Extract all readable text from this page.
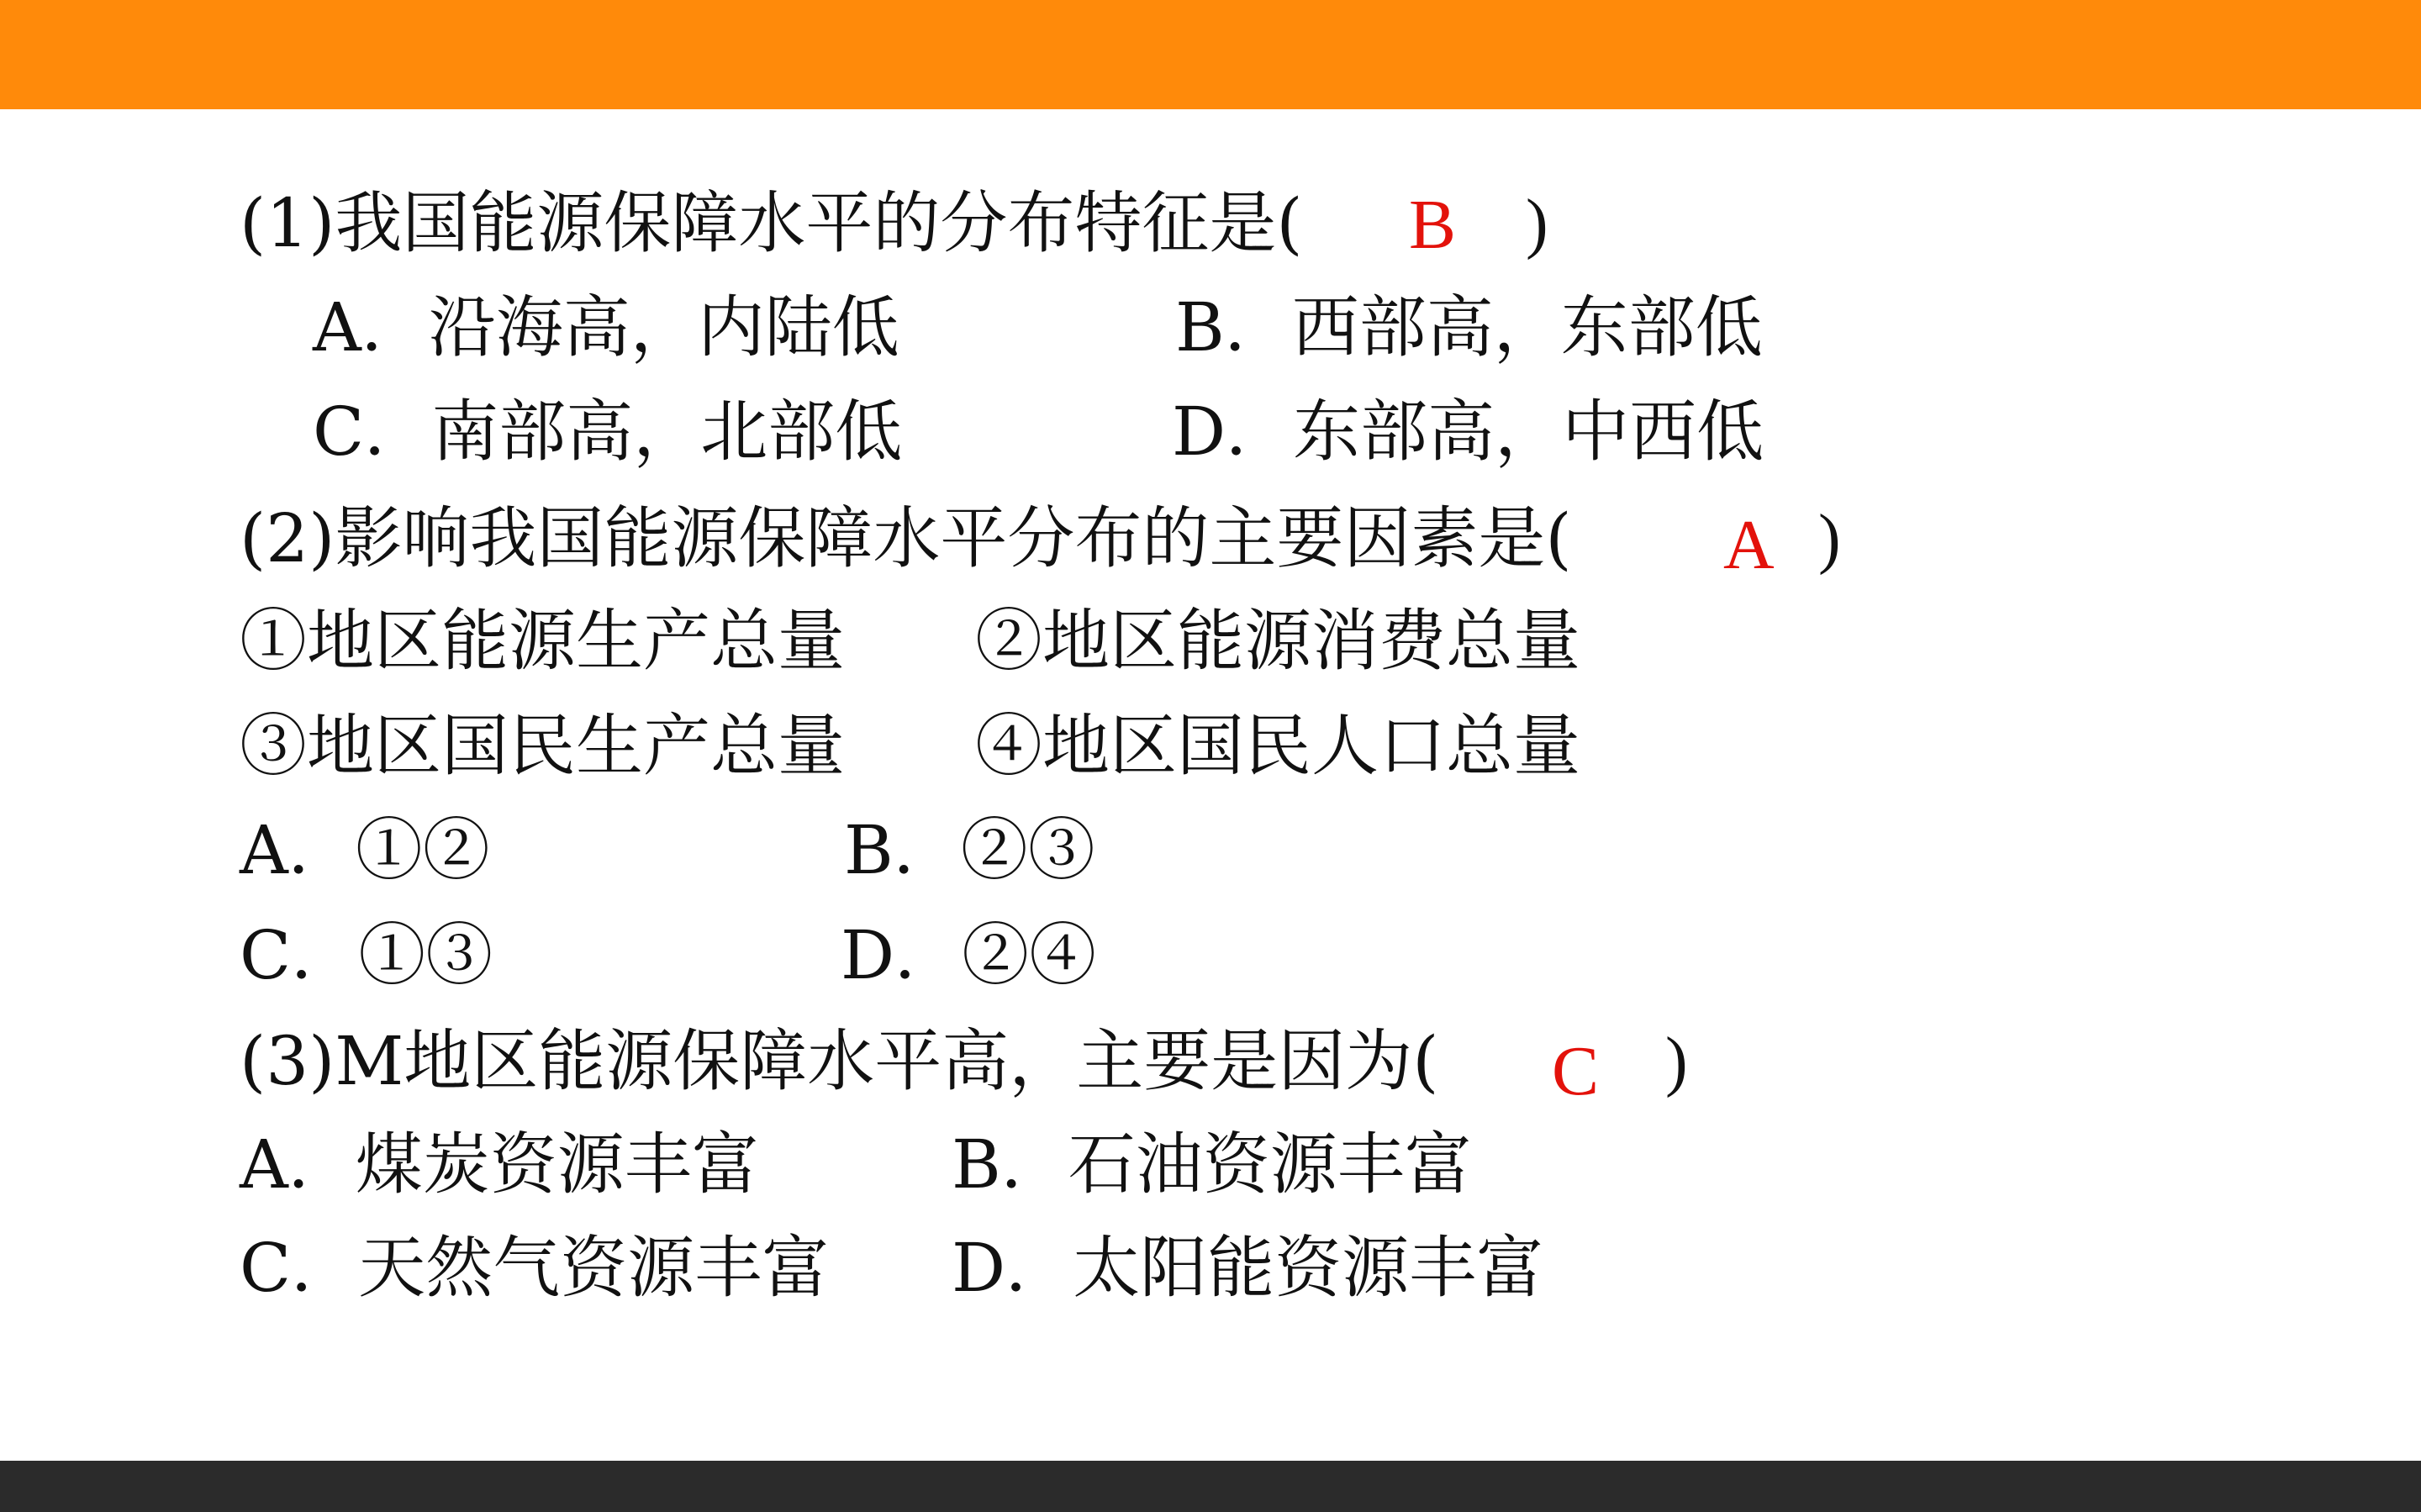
(1)我国能源保障水平的分布特征是( B )
A．沿海高，内陆低	B．西部高，东部低
C．南部高，北部低	D．东部高，中西低
(2)影响我国能源保障水平分布的主要因素是( A )
①地区能源生产总量 ②地区能源消费总量
③地区国民生产总量 ④地区国民人口总量
A．①②	B．②③
C．①③	D．②④
(3)M地区能源保障水平高，主要是因为( C )
A．煤炭资源丰富	B．石油资源丰富
C．天然气资源丰富 D．太阳能资源丰富
